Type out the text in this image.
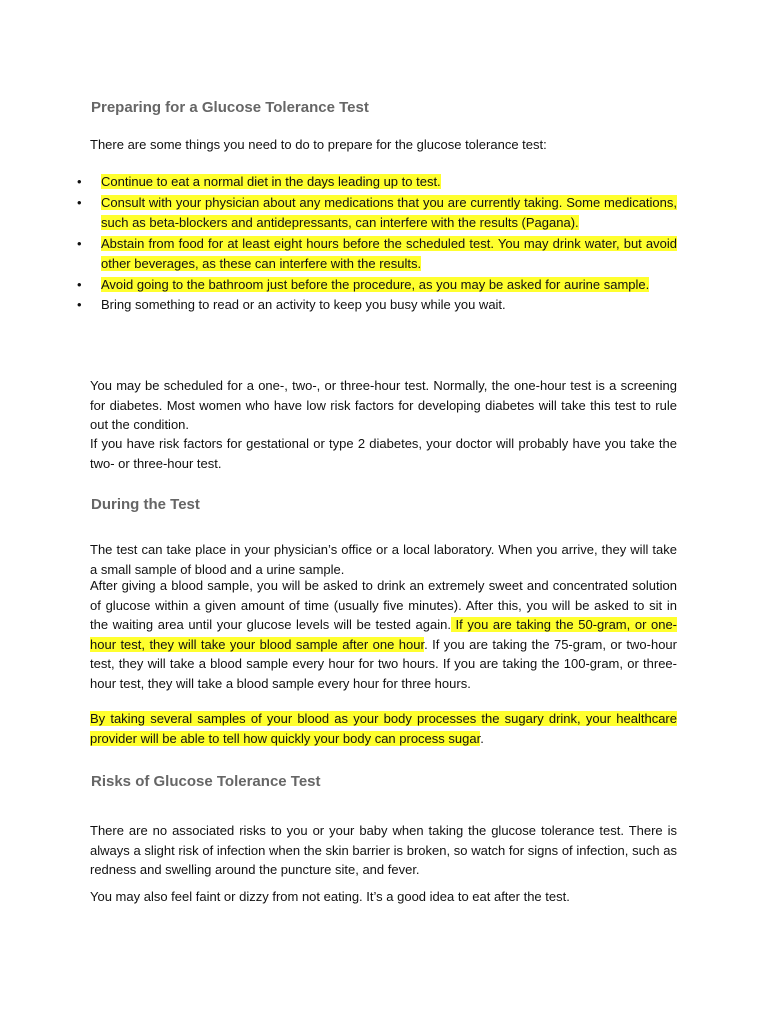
Preparing for a Glucose Tolerance Test

There are some things you need to do to prepare for the glucose tolerance test:

• Continue to eat a normal diet in the days leading up to test.
• Consult with your physician about any medications that you are currently taking. Some medications, such as beta-blockers and antidepressants, can interfere with the results (Pagana).
• Abstain from food for at least eight hours before the scheduled test. You may drink water, but avoid other beverages, as these can interfere with the results.
• Avoid going to the bathroom just before the procedure, as you may be asked for aurine sample.
• Bring something to read or an activity to keep you busy while you wait.

You may be scheduled for a one-, two-, or three-hour test. Normally, the one-hour test is a screening for diabetes. Most women who have low risk factors for developing diabetes will take this test to rule out the condition.

If you have risk factors for gestational or type 2 diabetes, your doctor will probably have you take the two- or three-hour test.

During the Test

The test can take place in your physician’s office or a local laboratory. When you arrive, they will take a small sample of blood and a urine sample.

After giving a blood sample, you will be asked to drink an extremely sweet and concentrated solution of glucose within a given amount of time (usually five minutes). After this, you will be asked to sit in the waiting area until your glucose levels will be tested again. If you are taking the 50-gram, or one-hour test, they will take your blood sample after one hour. If you are taking the 75-gram, or two-hour test, they will take a blood sample every hour for two hours. If you are taking the 100-gram, or three-hour test, they will take a blood sample every hour for three hours.

By taking several samples of your blood as your body processes the sugary drink, your healthcare provider will be able to tell how quickly your body can process sugar.

Risks of Glucose Tolerance Test

There are no associated risks to you or your baby when taking the glucose tolerance test. There is always a slight risk of infection when the skin barrier is broken, so watch for signs of infection, such as redness and swelling around the puncture site, and fever.

You may also feel faint or dizzy from not eating. It’s a good idea to eat after the test.
